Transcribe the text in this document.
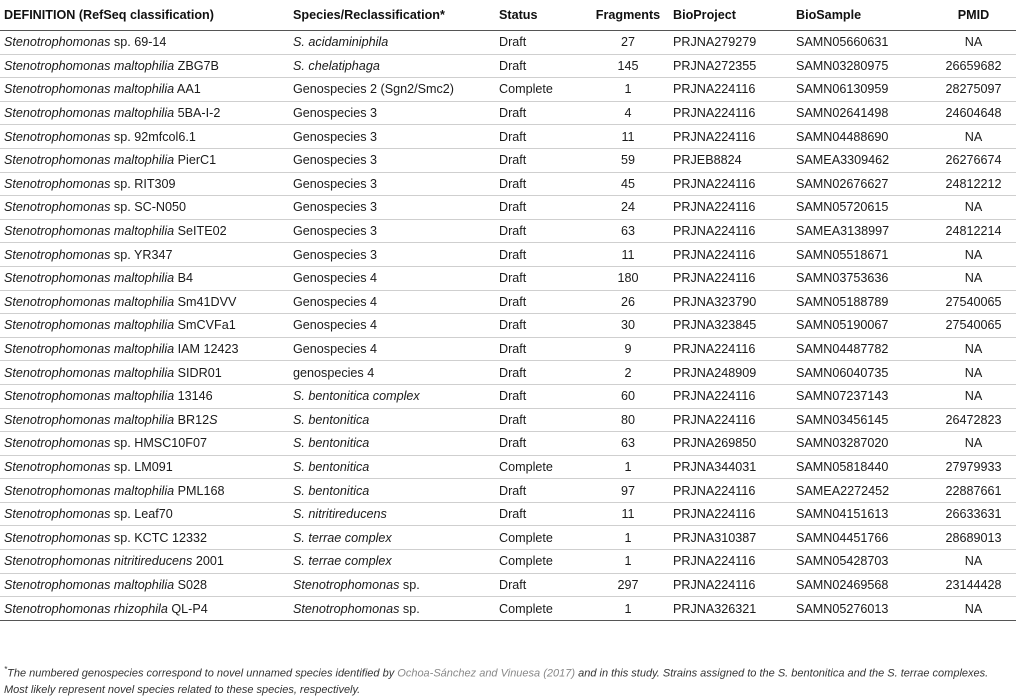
DEFINITION (RefSeq classification)	Species/Reclassification*	Status	Fragments	BioProject	BioSample	PMID
Stenotrophomonas sp. 69-14	S. acidaminiphila	Draft	27	PRJNA279279	SAMN05660631	NA
Stenotrophomonas maltophilia ZBG7B	S. chelatiphaga	Draft	145	PRJNA272355	SAMN03280975	26659682
Stenotrophomonas maltophilia AA1	Genospecies 2 (Sgn2/Smc2)	Complete	1	PRJNA224116	SAMN06130959	28275097
Stenotrophomonas maltophilia 5BA-I-2	Genospecies 3	Draft	4	PRJNA224116	SAMN02641498	24604648
Stenotrophomonas sp. 92mfcol6.1	Genospecies 3	Draft	11	PRJNA224116	SAMN04488690	NA
Stenotrophomonas maltophilia PierC1	Genospecies 3	Draft	59	PRJEB8824	SAMEA3309462	26276674
Stenotrophomonas sp. RIT309	Genospecies 3	Draft	45	PRJNA224116	SAMN02676627	24812212
Stenotrophomonas sp. SC-N050	Genospecies 3	Draft	24	PRJNA224116	SAMN05720615	NA
Stenotrophomonas maltophilia SeITE02	Genospecies 3	Draft	63	PRJNA224116	SAMEA3138997	24812214
Stenotrophomonas sp. YR347	Genospecies 3	Draft	11	PRJNA224116	SAMN05518671	NA
Stenotrophomonas maltophilia B4	Genospecies 4	Draft	180	PRJNA224116	SAMN03753636	NA
Stenotrophomonas maltophilia Sm41DVV	Genospecies 4	Draft	26	PRJNA323790	SAMN05188789	27540065
Stenotrophomonas maltophilia SmCVFa1	Genospecies 4	Draft	30	PRJNA323845	SAMN05190067	27540065
Stenotrophomonas maltophilia IAM 12423	Genospecies 4	Draft	9	PRJNA224116	SAMN04487782	NA
Stenotrophomonas maltophilia SIDR01	genospecies 4	Draft	2	PRJNA248909	SAMN06040735	NA
Stenotrophomonas maltophilia 13146	S. bentonitica complex	Draft	60	PRJNA224116	SAMN07237143	NA
Stenotrophomonas maltophilia BR12S	S. bentonitica	Draft	80	PRJNA224116	SAMN03456145	26472823
Stenotrophomonas sp. HMSC10F07	S. bentonitica	Draft	63	PRJNA269850	SAMN03287020	NA
Stenotrophomonas sp. LM091	S. bentonitica	Complete	1	PRJNA344031	SAMN05818440	27979933
Stenotrophomonas maltophilia PML168	S. bentonitica	Draft	97	PRJNA224116	SAMEA2272452	22887661
Stenotrophomonas sp. Leaf70	S. nitritireducens	Draft	11	PRJNA224116	SAMN04151613	26633631
Stenotrophomonas sp. KCTC 12332	S. terrae complex	Complete	1	PRJNA310387	SAMN04451766	28689013
Stenotrophomonas nitritireducens 2001	S. terrae complex	Complete	1	PRJNA224116	SAMN05428703	NA
Stenotrophomonas maltophilia S028	Stenotrophomonas sp.	Draft	297	PRJNA224116	SAMN02469568	23144428
Stenotrophomonas rhizophila QL-P4	Stenotrophomonas sp.	Complete	1	PRJNA326321	SAMN05276013	NA
*The numbered genospecies correspond to novel unnamed species identified by Ochoa-Sánchez and Vinuesa (2017) and in this study. Strains assigned to the S. bentonitica and the S. terrae complexes. Most likely represent novel species related to these species, respectively.
